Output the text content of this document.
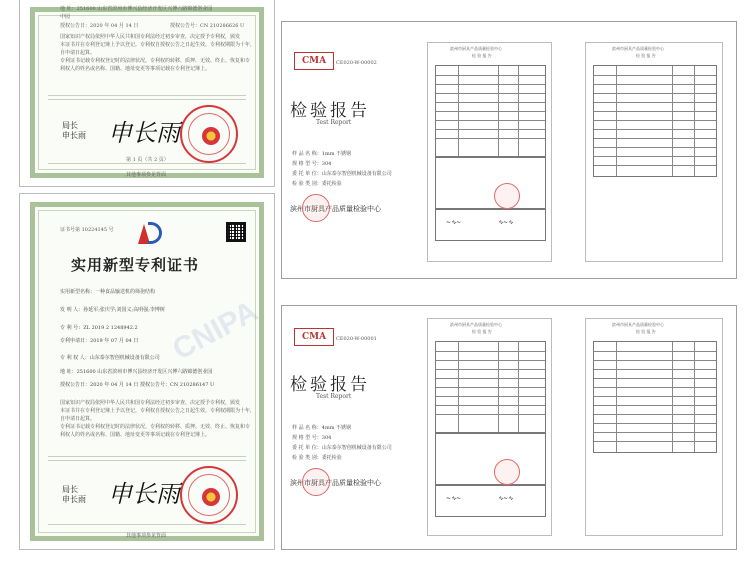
地 址：251600 山东省滨州市博兴县经济开发区兴博六路锦德创业园
中园
授权公告日：2020 年 04 月 14 日	授权公告号：CN 210286626 U
国家知识产权局依照中华人民共和国专利法经过初步审查，决定授予专利权，颁发
本证书并在专利登记簿上予以登记。专利权自授权公告之日起生效。专利权期限为十年，
自申请日起算。
专利证书记载专利权登记时的法律状况。专利权的转移、质押、无效、终止、恢复和专
利权人的姓名或名称、国籍、地址变更等事项记载在专利登记簿上。
局长
申长雨 申长雨
第 1 页（共 2 页）
其他事项参见背面
证书号第 10224145 号
实用新型专利证书
CNIPA
实用新型名称：一种食品输送机的筛孢结构
发 明 人：孙延军;张庆学;刘国义;高明强;李博树
专 利 号：ZL 2019 2 1248942.2
专利申请日：2019 年 07 月 04 日
专 利 权 人：山东泰尔智创机械设备有限公司
地 址：251600 山东省滨州市博兴县经济开发区兴博六路锦德创业园
授权公告日：2020 年 04 月 14 日 授权公告号：CN 210286147 U
国家知识产权局依照中华人民共和国专利法经过初步审查，决定授予专利权，颁发
本证书并在专利登记簿上予以登记。专利权自授权公告之日起生效。专利权期限为十年，
自申请日起算。
专利证书记载专利权登记时的法律状况。专利权的转移、质押、无效、终止、恢复和专
利权人的姓名或名称、国籍、地址变更等事项记载在专利登记簿上。
局长
申长雨 申长雨
其他事项参见背面
CMA	CE020-W-00002
检验报告
Test Report
样 品 名 称：1mm 不锈钢
规 格 型 号：304
委 托 单 位：山东泰尔智创机械设备有限公司
检 验 类 别：委托检验
滨州市厨具产品质量检验中心
滨州市厨具产品质量检验中心
检 验 报 告
~∿~	∿~∿
滨州市厨具产品质量检验中心
检 验 报 告
CMA	CE020-W-00001
检验报告
Test Report
样 品 名 称：4mm 不锈钢
规 格 型 号：304
委 托 单 位：山东泰尔智创机械设备有限公司
检 验 类 别：委托检验
滨州市厨具产品质量检验中心
滨州市厨具产品质量检验中心
检 验 报 告
~∿~	∿~∿
滨州市厨具产品质量检验中心
检 验 报 告
